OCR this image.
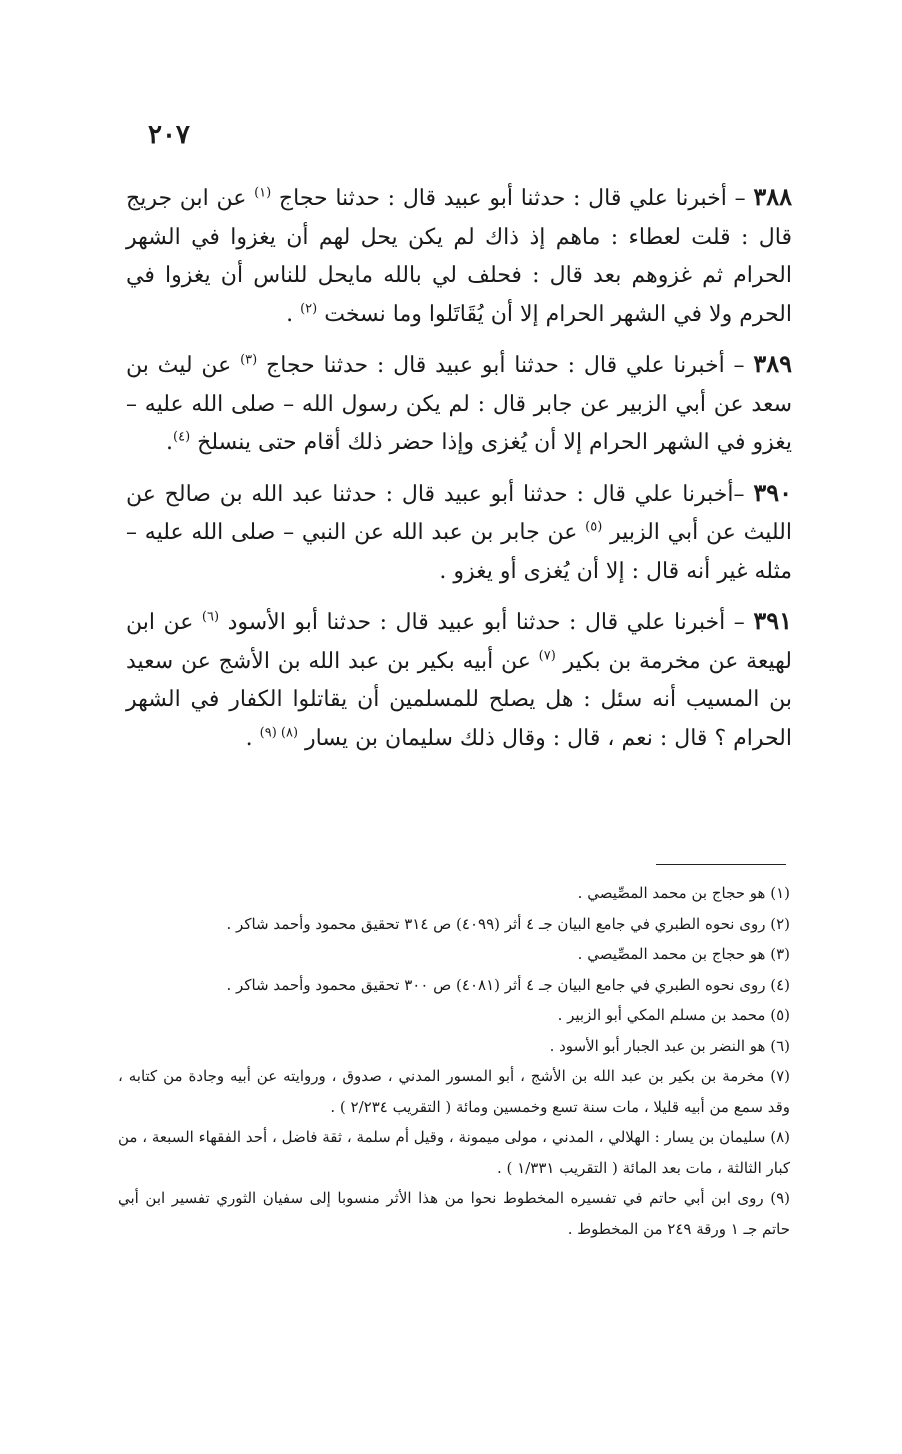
٢٠٧

٣٨٨ – أخبرنا علي قال : حدثنا أبو عبيد قال : حدثنا حجاج $^{(١)}$ عن ابن جريج قال : قلت لعطاء : ماهم إذ ذاك لم يكن يحل لهم أن يغزوا في الشهر الحرام ثم غزوهم بعد قال : فحلف لي بالله مايحل للناس أن يغزوا في الحرم ولا في الشهر الحرام إلا أن يُقَاتَلوا وما نسخت $^{(٢)}$ .

٣٨٩ – أخبرنا علي قال : حدثنا أبو عبيد قال : حدثنا حجاج $^{(٣)}$ عن ليث بن سعد عن أبي الزبير عن جابر قال : لم يكن رسول الله – صلى الله عليه – يغزو في الشهر الحرام إلا أن يُغزى وإذا حضر ذلك أقام حتى ينسلخ $^{(٤)}$.

٣٩٠ –أخبرنا علي قال : حدثنا أبو عبيد قال : حدثنا عبد الله بن صالح عن الليث عن أبي الزبير $^{(٥)}$ عن جابر بن عبد الله عن النبي – صلى الله عليه – مثله غير أنه قال : إلا أن يُغزى أو يغزو .

٣٩١ – أخبرنا علي قال : حدثنا أبو عبيد قال : حدثنا أبو الأسود $^{(٦)}$ عن ابن لهيعة عن مخرمة بن بكير $^{(٧)}$ عن أبيه بكير بن عبد الله بن الأشج عن سعيد بن المسيب أنه سئل : هل يصلح للمسلمين أن يقاتلوا الكفار في الشهر الحرام ؟ قال : نعم ، قال : وقال ذلك سليمان بن يسار $^{(٨) (٩)}$ .

(١) هو حجاج بن محمد المصِّيصي .

(٢) روى نحوه الطبري في جامع البيان جـ ٤ أثر (٤٠٩٩) ص ٣١٤ تحقيق محمود وأحمد شاكر .

(٣) هو حجاج بن محمد المصِّيصي .

(٤) روى نحوه الطبري في جامع البيان جـ ٤ أثر (٤٠٨١) ص ٣٠٠ تحقيق محمود وأحمد شاكر .

(٥) محمد بن مسلم المكي أبو الزبير .

(٦) هو النضر بن عبد الجبار أبو الأسود .

(٧) مخرمة بن بكير بن عبد الله بن الأشج ، أبو المسور المدني ، صدوق ، وروايته عن أبيه وجادة من كتابه ، وقد سمع من أبيه قليلا ، مات سنة تسع وخمسين ومائة ( التقريب ٢/٢٣٤ ) .

(٨) سليمان بن يسار : الهلالي ، المدني ، مولى ميمونة ، وقيل أم سلمة ، ثقة فاضل ، أحد الفقهاء السبعة ، من كبار الثالثة ، مات بعد المائة ( التقريب ١/٣٣١ ) .

(٩) روى ابن أبي حاتم في تفسيره المخطوط نحوا من هذا الأثر منسوبا إلى سفيان الثوري تفسير ابن أبي حاتم جـ ١ ورقة ٢٤٩ من المخطوط .
